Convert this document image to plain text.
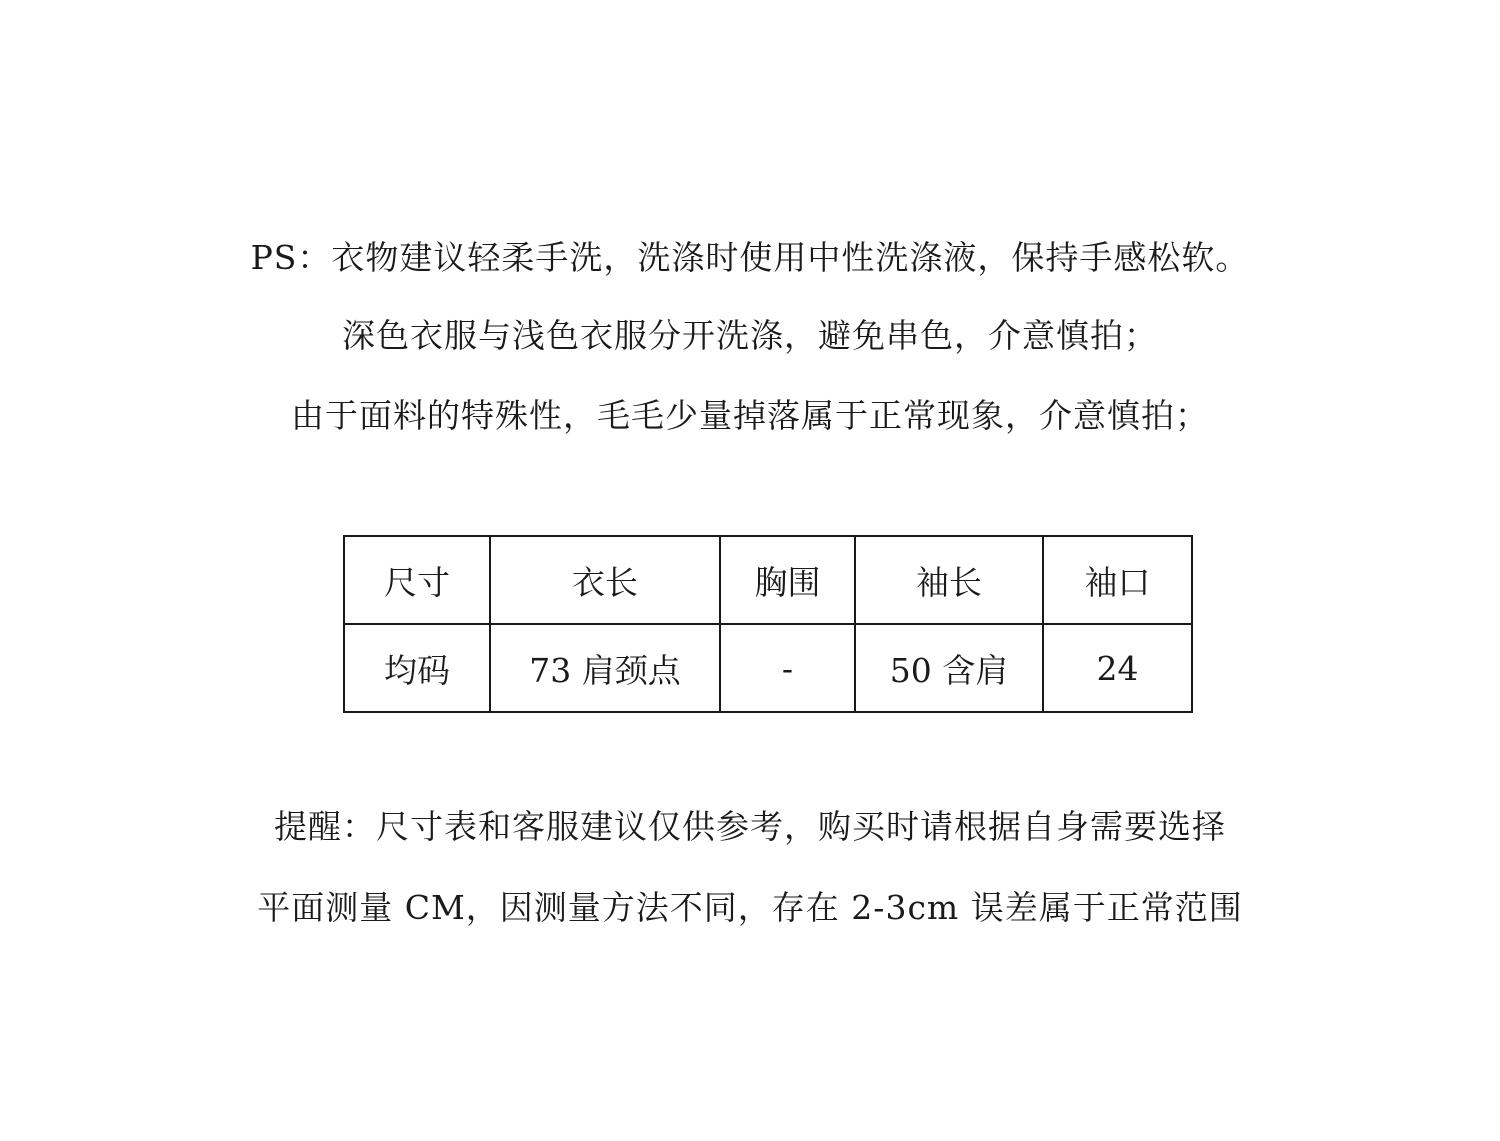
PS：衣物建议轻柔手洗，洗涤时使用中性洗涤液，保持手感松软。
深色衣服与浅色衣服分开洗涤，避免串色，介意慎拍；
由于面料的特殊性，毛毛少量掉落属于正常现象，介意慎拍；
尺寸	衣长	胸围	袖长	袖口
均码	73 肩颈点	-	50 含肩	24
提醒：尺寸表和客服建议仅供参考，购买时请根据自身需要选择
平面测量 CM，因测量方法不同，存在 2-3cm 误差属于正常范围
